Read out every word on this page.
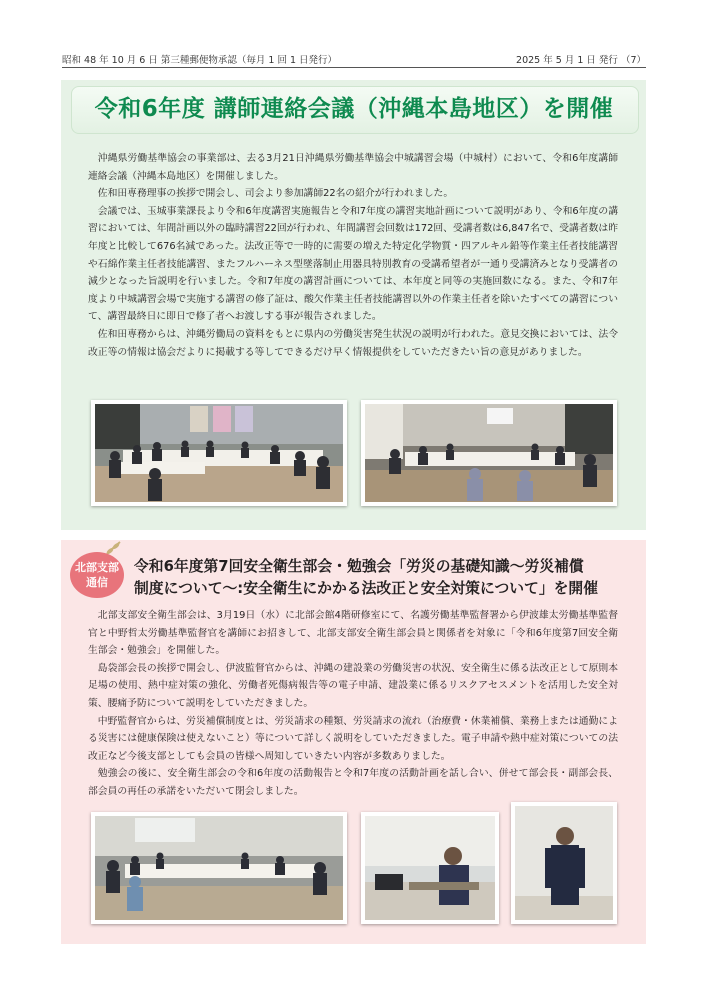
昭和 48 年 10 月 6 日 第三種郵便物承認（毎月 1 回 1 日発行）	2025 年 5 月 1 日 発行 （7）
令和6年度 講師連絡会議（沖縄本島地区）を開催

沖縄県労働基準協会の事業部は、去る3月21日沖縄県労働基準協会中城講習会場（中城村）において、令和6年度講師連絡会議（沖縄本島地区）を開催しました。

佐和田専務理事の挨拶で開会し、司会より参加講師22名の紹介が行われました。

会議では、玉城事業課長より令和6年度講習実施報告と令和7年度の講習実地計画について説明があり、令和6年度の講習においては、年間計画以外の臨時講習22回が行われ、年間講習会回数は172回、受講者数は6,847名で、受講者数は昨年度と比較して676名減であった。法改正等で一時的に需要の増えた特定化学物質・四アルキル鉛等作業主任者技能講習や石綿作業主任者技能講習、またフルハーネス型墜落制止用器具特別教育の受講希望者が一通り受講済みとなり受講者の減少となった旨説明を行いました。令和7年度の講習計画については、本年度と同等の実施回数になる。また、令和7年度より中城講習会場で実施する講習の修了証は、酸欠作業主任者技能講習以外の作業主任者を除いたすべての講習について、講習最終日に即日で修了者へお渡しする事が報告されました。

佐和田専務からは、沖縄労働局の資料をもとに県内の労働災害発生状況の説明が行われた。意見交換においては、法令改正等の情報は協会だよりに掲載する等してできるだけ早く情報提供をしていただきたい旨の意見がありました。

北部支部
通信
令和6年度第7回安全衛生部会・勉強会「労災の基礎知識～労災補償
制度について～:安全衛生にかかる法改正と安全対策について」を開催

北部支部安全衛生部会は、3月19日（水）に北部会館4階研修室にて、名護労働基準監督署から伊波雄太労働基準監督官と中野哲太労働基準監督官を講師にお招きして、北部支部安全衛生部会員と関係者を対象に「令和6年度第7回安全衛生部会・勉強会」を開催した。

島袋部会長の挨拶で開会し、伊波監督官からは、沖縄の建設業の労働災害の状況、安全衛生に係る法改正として原則本足場の使用、熱中症対策の強化、労働者死傷病報告等の電子申請、建設業に係るリスクアセスメントを活用した安全対策、腰痛予防について説明をしていただきました。

中野監督官からは、労災補償制度とは、労災請求の種類、労災請求の流れ（治療費・休業補償、業務上または通勤による災害には健康保険は使えないこと）等について詳しく説明をしていただきました。電子申請や熱中症対策についての法改正など今後支部としても会員の皆様へ周知していきたい内容が多数ありました。

勉強会の後に、安全衛生部会の令和6年度の活動報告と令和7年度の活動計画を話し合い、併せて部会長・副部会長、部会員の再任の承諾をいただいて閉会しました。
